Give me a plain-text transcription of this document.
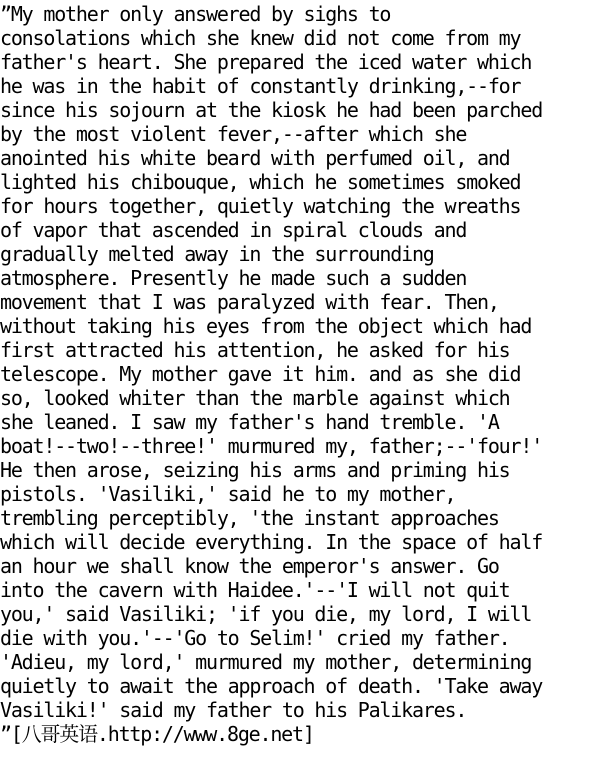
”My mother only answered by sighs to
consolations which she knew did not come from my
father's heart. She prepared the iced water which
he was in the habit of constantly drinking,--for
since his sojourn at the kiosk he had been parched
by the most violent fever,--after which she
anointed his white beard with perfumed oil, and
lighted his chibouque, which he sometimes smoked
for hours together, quietly watching the wreaths
of vapor that ascended in spiral clouds and
gradually melted away in the surrounding
atmosphere. Presently he made such a sudden
movement that I was paralyzed with fear. Then,
without taking his eyes from the object which had
first attracted his attention, he asked for his
telescope. My mother gave it him. and as she did
so, looked whiter than the marble against which
she leaned. I saw my father's hand tremble. 'A
boat!--two!--three!' murmured my, father;--'four!'
He then arose, seizing his arms and priming his
pistols. 'Vasiliki,' said he to my mother,
trembling perceptibly, 'the instant approaches
which will decide everything. In the space of half
an hour we shall know the emperor's answer. Go
into the cavern with Haidee.'--'I will not quit
you,' said Vasiliki; 'if you die, my lord, I will
die with you.'--'Go to Selim!' cried my father.
'Adieu, my lord,' murmured my mother, determining
quietly to await the approach of death. 'Take away
Vasiliki!' said my father to his Palikares.
”[八哥英语.http://www.8ge.net]
